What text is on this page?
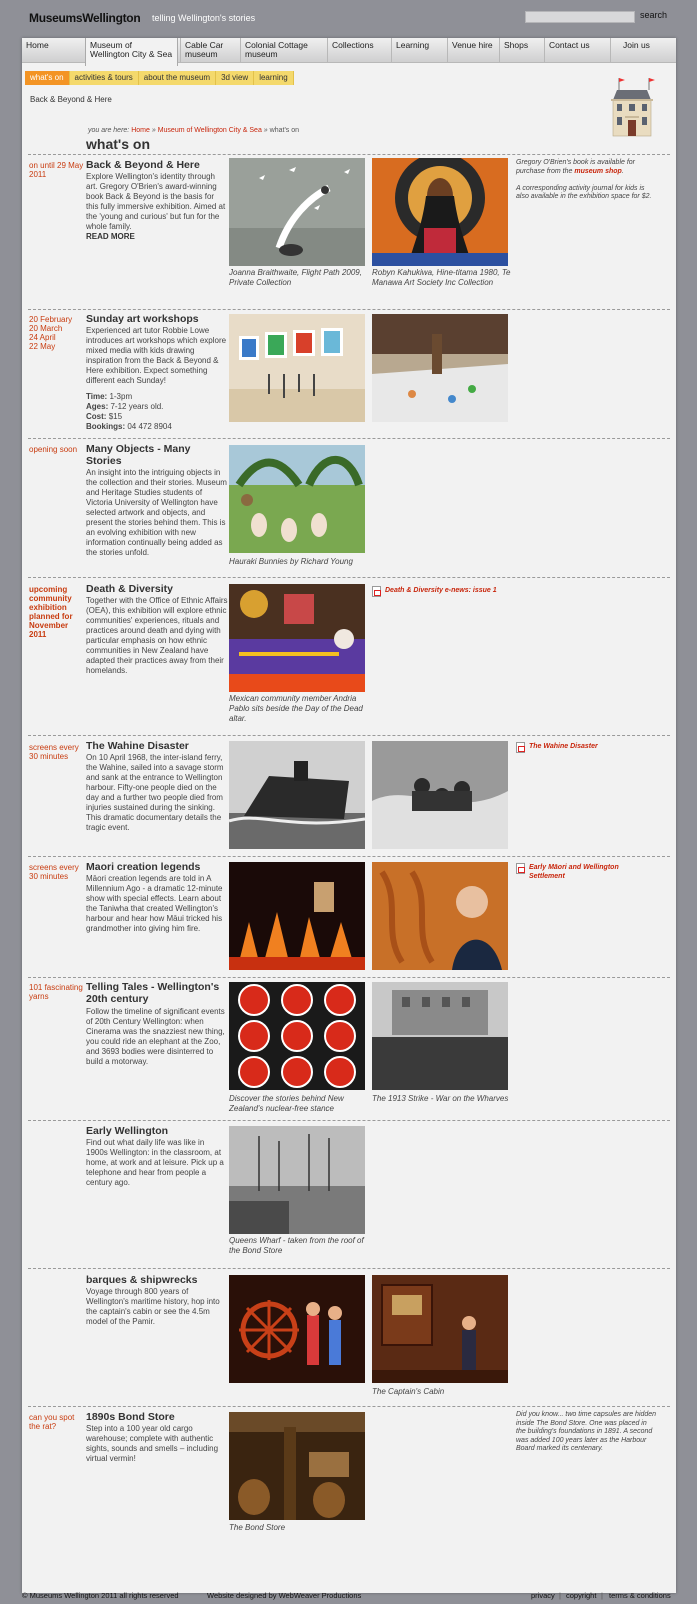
MuseumsWellington telling Wellington's stories	search
Home	Museum of Wellington City & Sea
Cable Car museum
Colonial Cottage museum
Collections	Learning	Venue hire	Shops	Contact us	Join us
what's on	activities & tours	about the museum	3d view	learning
Back & Beyond & Here
you are here: Home » Museum of Wellington City & Sea » what's on
what's on
on until 29 May 2011
Back & Beyond & Here
Explore Wellington's identity through art. Gregory O'Brien's award-winning book Back & Beyond is the basis for this fully immersive exhibition. Aimed at the 'young and curious' but fun for the whole family.
READ MORE
Joanna Braithwaite, Flight Path 2009, Private Collection
Robyn Kahukiwa, Hine-titama 1980, Te Manawa Art Society Inc Collection
Gregory O'Brien's book is available for purchase from the museum shop.

A corresponding activity journal for kids is also available in the exhibition space for $2.
20 February
20 March
24 April
22 May
Sunday art workshops
Experienced art tutor Robbie Lowe introduces art workshops which explore mixed media with kids drawing inspiration from the Back & Beyond & Here exhibition. Expect something different each Sunday!
Time: 1-3pm
Ages: 7-12 years old.
Cost: $15
Bookings: 04 472 8904
opening soon Many Objects - Many Stories
An insight into the intriguing objects in the collection and their stories. Museum and Heritage Studies students of Victoria University of Wellington have selected artwork and objects, and present the stories behind them. This is an evolving exhibition with new information continually being added as the stories unfold.
Hauraki Bunnies by Richard Young
upcoming community exhibition planned for November 2011
Death & Diversity
Together with the Office of Ethnic Affairs (OEA), this exhibition will explore ethnic communities' experiences, rituals and practices around death and dying with particular emphasis on how ethnic communities in New Zealand have adapted their practices away from their homelands.
Mexican community member Andria Pablo sits beside the Day of the Dead altar.
Death & Diversity e-news: issue 1
screens every 30 minutes
The Wahine Disaster
On 10 April 1968, the inter-island ferry, the Wahine, sailed into a savage storm and sank at the entrance to Wellington harbour. Fifty-one people died on the day and a further two people died from injuries sustained during the sinking. This dramatic documentary details the tragic event.
The Wahine Disaster
screens every 30 minutes
Maori creation legends
Māori creation legends are told in A Millennium Ago - a dramatic 12-minute show with special effects. Learn about the Taniwha that created Wellington's harbour and hear how Māui tricked his grandmother into giving him fire.
Early Māori and Wellington Settlement
101 fascinating yarns
Telling Tales - Wellington's 20th century
Follow the timeline of significant events of 20th Century Wellington: when Cinerama was the snazziest new thing, you could ride an elephant at the Zoo, and 3693 bodies were disinterred to build a motorway.
Discover the stories behind New Zealand's nuclear-free stance
The 1913 Strike - War on the Wharves
Early Wellington
Find out what daily life was like in 1900s Wellington: in the classroom, at home, at work and at leisure. Pick up a telephone and hear from people a century ago.
Queens Wharf - taken from the roof of the Bond Store
barques & shipwrecks
Voyage through 800 years of Wellington's maritime history, hop into the captain's cabin or see the 4.5m model of the Pamir.
The Captain's Cabin
can you spot the rat?
1890s Bond Store
Step into a 100 year old cargo warehouse; complete with authentic sights, sounds and smells – including virtual vermin!
The Bond Store
Did you know... two time capsules are hidden inside The Bond Store. One was placed in the building's foundations in 1891. A second was added 100 years later as the Harbour Board marked its centenary.
© Museums Wellington 2011 all rights reserved	Website designed by WebWeaver Productions	privacy | copyright | terms & conditions
